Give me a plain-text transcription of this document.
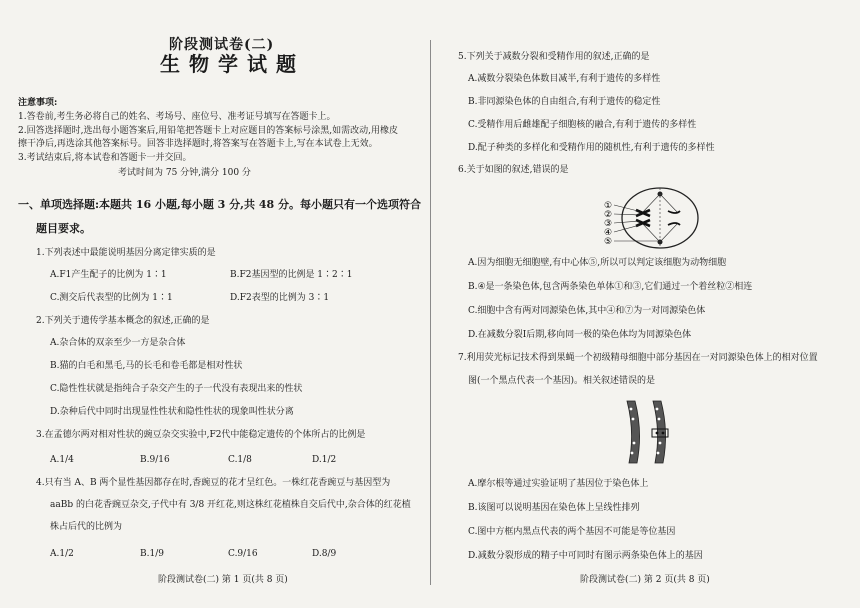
阶段测试卷(二)
生物学试题
注意事项:
1.答卷前,考生务必将自己的姓名、考场号、座位号、准考证号填写在答题卡上。
2.回答选择题时,选出每小题答案后,用铅笔把答题卡上对应题目的答案标号涂黑,如需改动,用橡皮
擦干净后,再选涂其他答案标号。回答非选择题时,将答案写在答题卡上,写在本试卷上无效。
3.考试结束后,将本试卷和答题卡一并交回。
考试时间为 75 分钟,满分 100 分
一、单项选择题:本题共 16 小题,每小题 3 分,共 48 分。每小题只有一个选项符合
题目要求。
1.下列表述中最能说明基因分离定律实质的是
A.F1产生配子的比例为 1∶1	B.F2基因型的比例是 1∶2∶1
C.测交后代表型的比例为 1∶1	D.F2表型的比例为 3∶1
2.下列关于遗传学基本概念的叙述,正确的是
A.杂合体的双亲至少一方是杂合体
B.猫的白毛和黑毛,马的长毛和卷毛都是相对性状
C.隐性性状就是指纯合子杂交产生的子一代没有表现出来的性状
D.杂种后代中同时出现显性性状和隐性性状的现象叫性状分离
3.在孟德尔两对相对性状的豌豆杂交实验中,F2代中能稳定遗传的个体所占的比例是
A.1/4	B.9/16	C.1/8	D.1/2
4.只有当 A、B 两个显性基因都存在时,香豌豆的花才呈红色。一株红花香豌豆与基因型为
aaBb 的白花香豌豆杂交,子代中有 3/8 开红花,则这株红花植株自交后代中,杂合体的红花植
株占后代的比例为
A.1/2	B.1/9	C.9/16	D.8/9
阶段测试卷(二) 第 1 页(共 8 页)
5.下列关于减数分裂和受精作用的叙述,正确的是
A.减数分裂染色体数目减半,有利于遗传的多样性
B.非同源染色体的自由组合,有利于遗传的稳定性
C.受精作用后雌雄配子细胞核的融合,有利于遗传的多样性
D.配子种类的多样化和受精作用的随机性,有利于遗传的多样性
6.关于如图的叙述,错误的是
①
②
③
④
⑤
A.因为细胞无细胞壁,有中心体⑤,所以可以判定该细胞为动物细胞
B.④是一条染色体,包含两条染色单体①和③,它们通过一个着丝粒②相连
C.细胞中含有两对同源染色体,其中④和⑦为一对同源染色体
D.在减数分裂Ⅰ后期,移向同一极的染色体均为同源染色体
7.利用荧光标记技术得到果蝇一个初级精母细胞中部分基因在一对同源染色体上的相对位置
图(一个黑点代表一个基因)。相关叙述错误的是
A.摩尔根等通过实验证明了基因位于染色体上
B.该图可以说明基因在染色体上呈线性排列
C.图中方框内黑点代表的两个基因不可能是等位基因
D.减数分裂形成的精子中可同时有图示两条染色体上的基因
阶段测试卷(二) 第 2 页(共 8 页)
